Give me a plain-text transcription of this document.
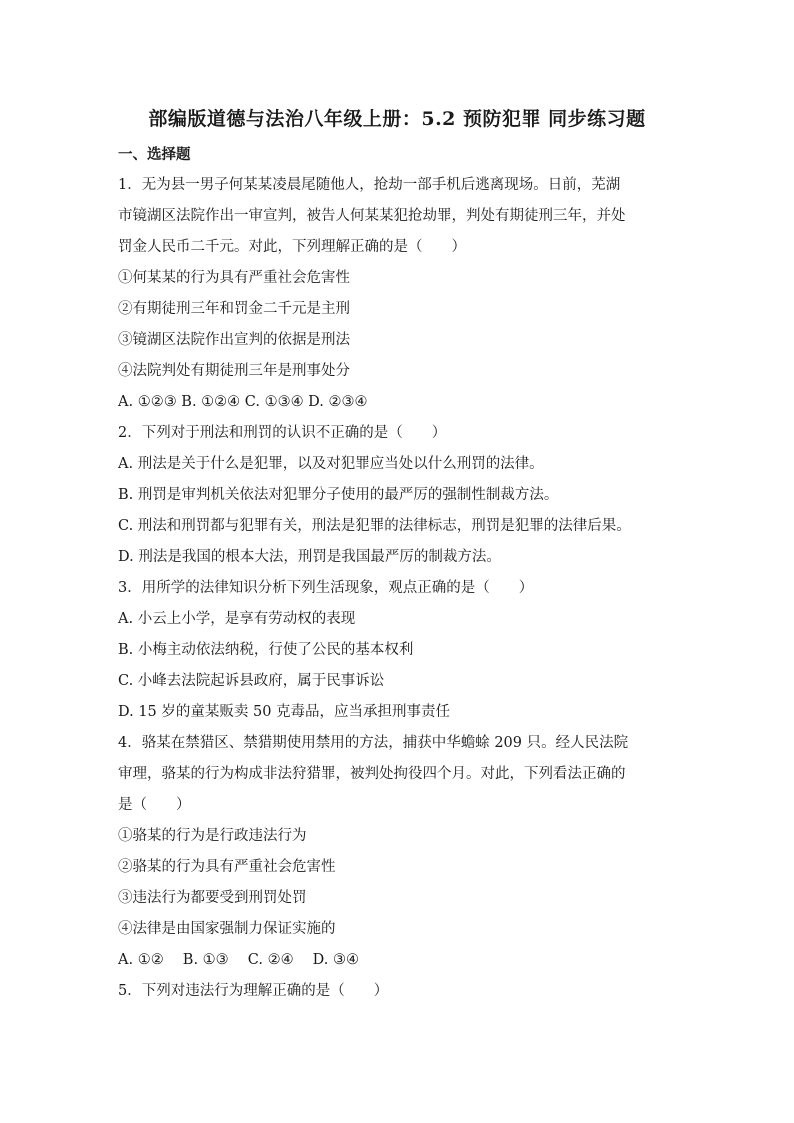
部编版道德与法治八年级上册：5.2 预防犯罪 同步练习题
一、选择题
1．无为县一男子何某某凌晨尾随他人，抢劫一部手机后逃离现场。日前，芜湖
市镜湖区法院作出一审宣判，被告人何某某犯抢劫罪，判处有期徒刑三年，并处
罚金人民币二千元。对此，下列理解正确的是（　　）
①何某某的行为具有严重社会危害性
②有期徒刑三年和罚金二千元是主刑
③镜湖区法院作出宣判的依据是刑法
④法院判处有期徒刑三年是刑事处分
A. ①②③ B. ①②④ C. ①③④ D. ②③④
2．下列对于刑法和刑罚的认识不正确的是（　　）
A. 刑法是关于什么是犯罪，以及对犯罪应当处以什么刑罚的法律。
B. 刑罚是审判机关依法对犯罪分子使用的最严厉的强制性制裁方法。
C. 刑法和刑罚都与犯罪有关，刑法是犯罪的法律标志，刑罚是犯罪的法律后果。
D. 刑法是我国的根本大法，刑罚是我国最严厉的制裁方法。
3．用所学的法律知识分析下列生活现象，观点正确的是（　　）
A. 小云上小学，是享有劳动权的表现
B. 小梅主动依法纳税，行使了公民的基本权利
C. 小峰去法院起诉县政府，属于民事诉讼
D. 15 岁的童某贩卖 50 克毒品，应当承担刑事责任
4．骆某在禁猎区、禁猎期使用禁用的方法，捕获中华蟾蜍 209 只。经人民法院
审理，骆某的行为构成非法狩猎罪，被判处拘役四个月。对此，下列看法正确的
是（　　）
①骆某的行为是行政违法行为
②骆某的行为具有严重社会危害性
③违法行为都要受到刑罚处罚
④法律是由国家强制力保证实施的
A. ①②　 B. ①③　 C. ②④　 D. ③④
5．下列对违法行为理解正确的是（　　）
